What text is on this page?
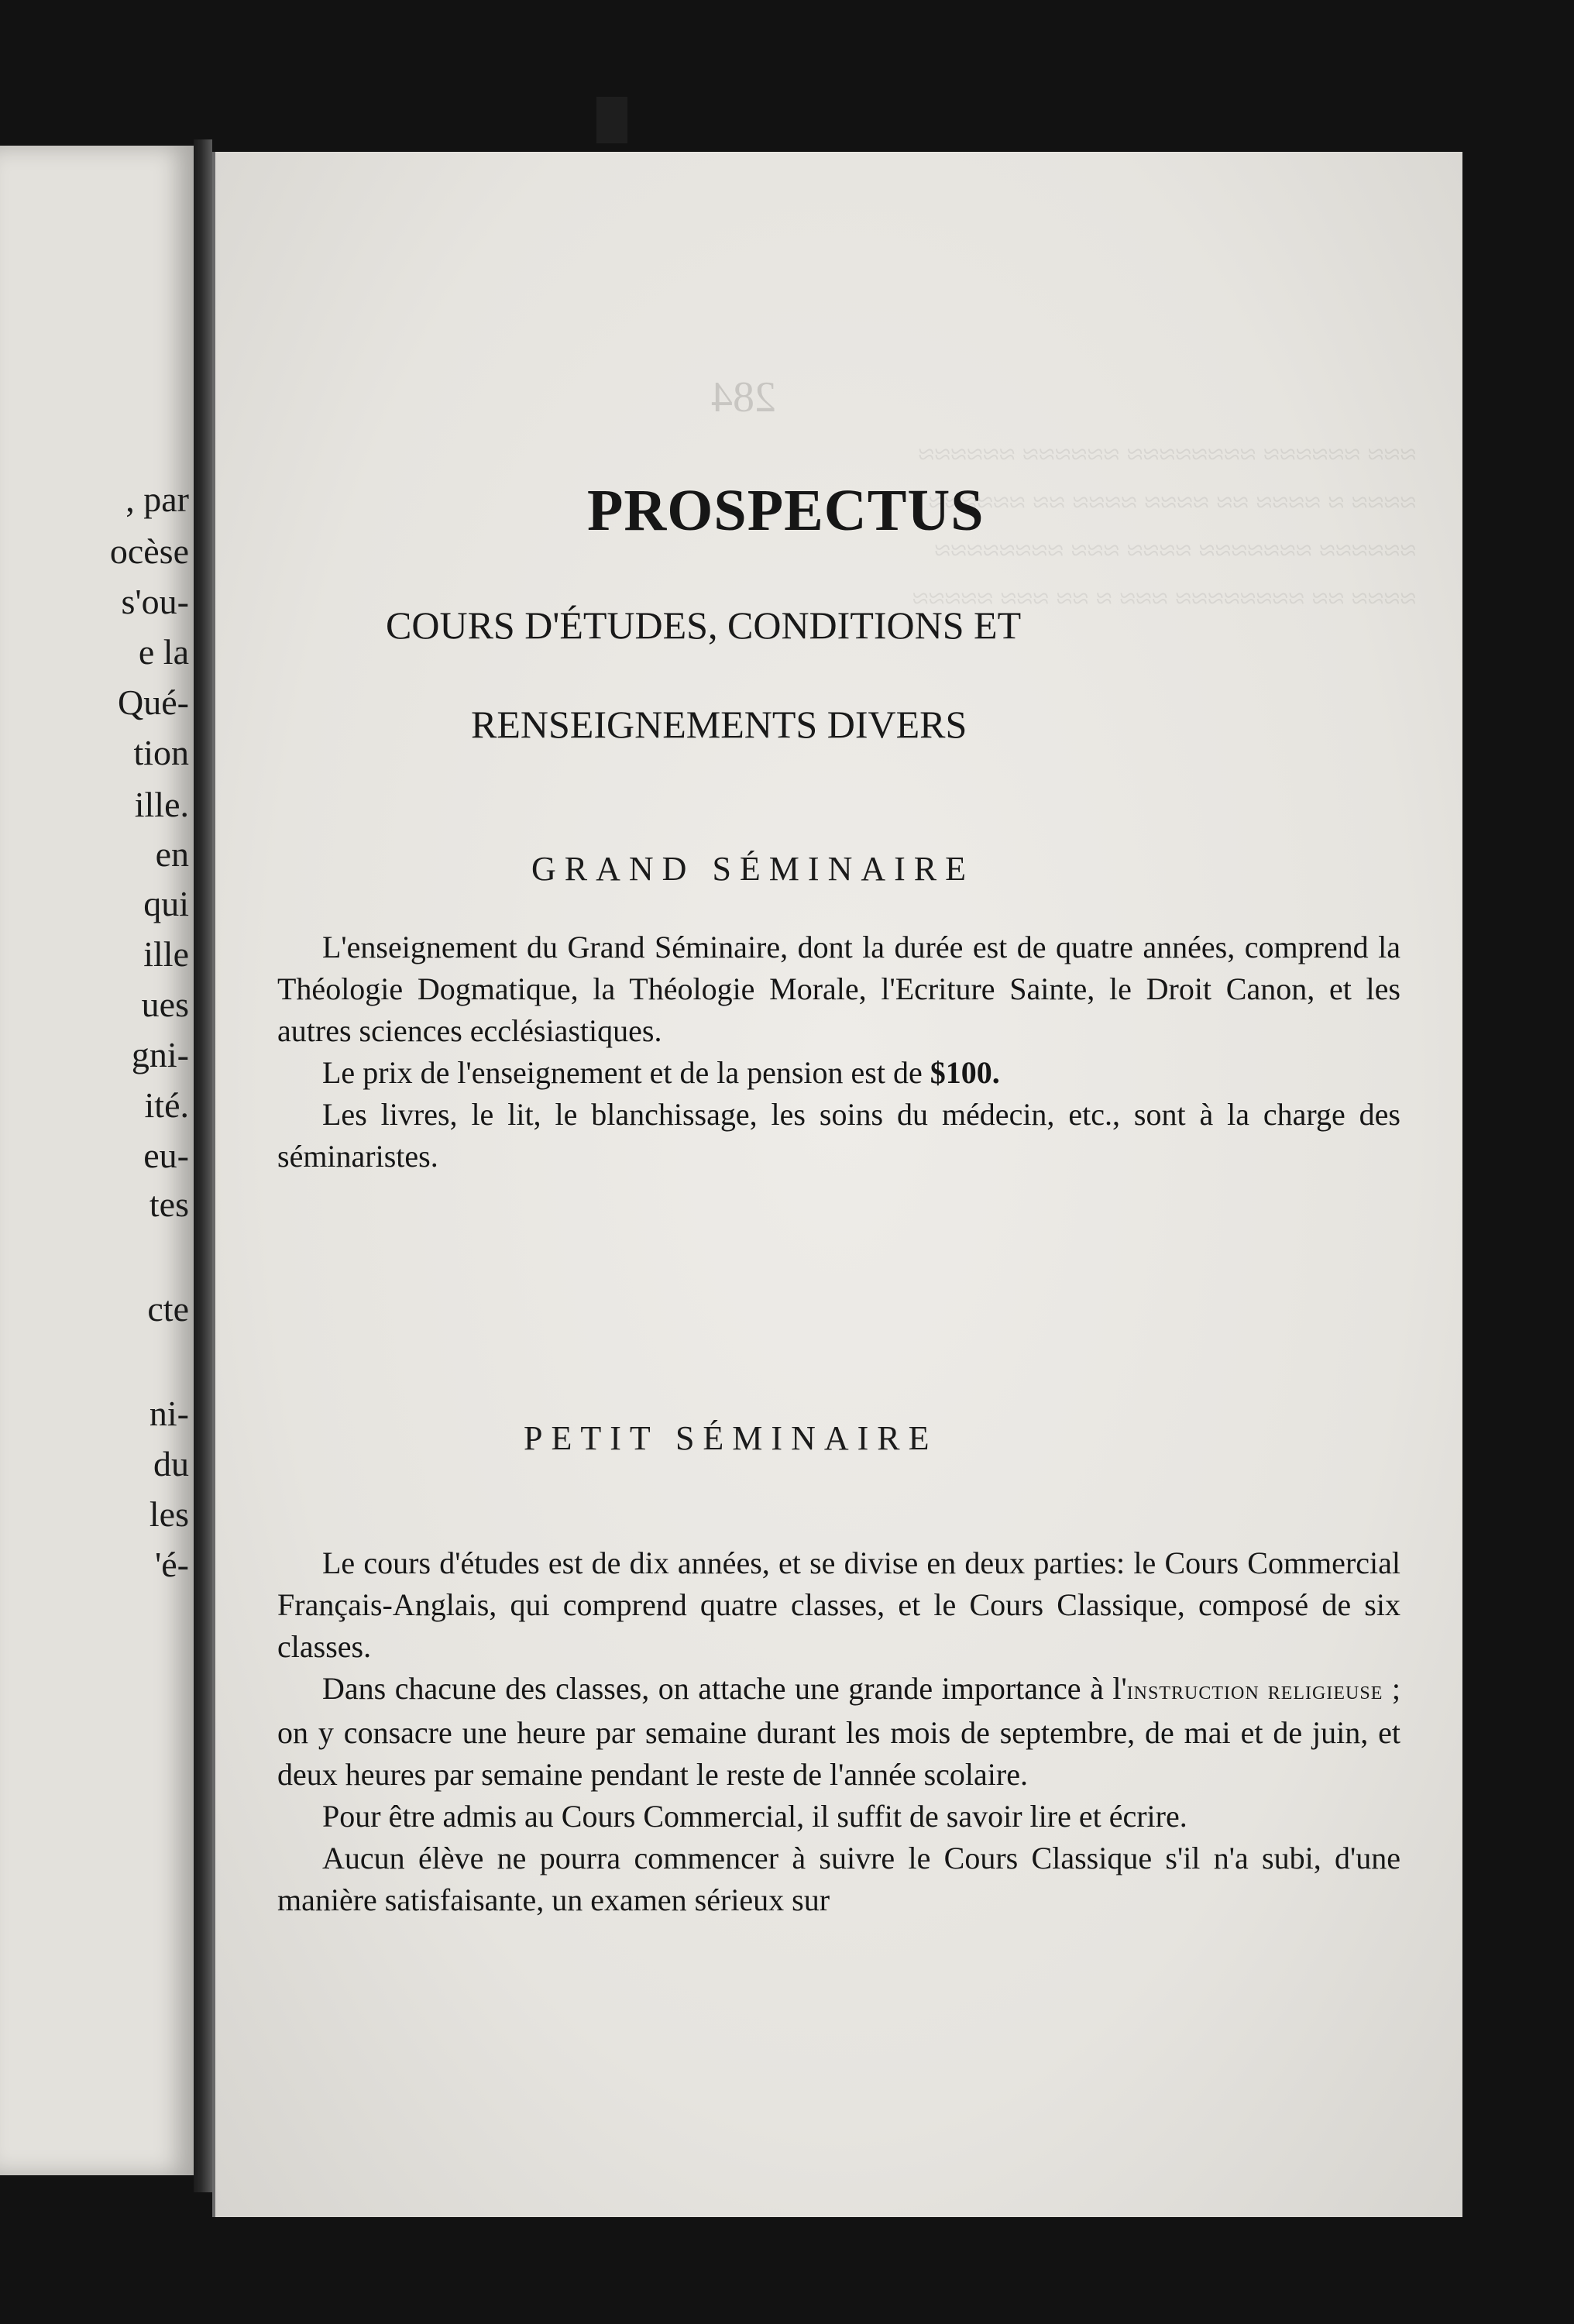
, par
ocèse
s'ou-
e la
Qué-
tion
ille.
en
qui
ille
ues
gni-
ité.
eu-
tes
cte
ni-
du
les
'é-
284
≈≈≈ ≈≈≈≈≈≈ ≈≈≈≈≈≈≈≈ ≈≈≈≈≈≈ ≈≈≈≈≈≈
≈≈≈≈ ≈ ≈≈≈≈ ≈≈ ≈≈≈≈ ≈≈≈≈ ≈≈ ≈≈≈≈≈≈
≈≈≈≈≈≈ ≈≈≈≈≈≈≈ ≈≈≈≈ ≈≈≈ ≈≈≈≈≈≈≈≈
≈≈≈≈ ≈≈ ≈≈≈≈≈≈≈≈ ≈≈≈ ≈ ≈≈ ≈≈≈ ≈≈≈≈≈
PROSPECTUS
COURS D'ÉTUDES, CONDITIONS ET
RENSEIGNEMENTS DIVERS
GRAND SÉMINAIRE

L'enseignement du Grand Séminaire, dont la durée est de quatre années, comprend la Théologie Dogmatique, la Théologie Morale, l'Ecriture Sainte, le Droit Canon, et les autres sciences ecclésiastiques.

Le prix de l'enseignement et de la pension est de $100.

Les livres, le lit, le blanchissage, les soins du médecin, etc., sont à la charge des séminaristes.

PETIT SÉMINAIRE

Le cours d'études est de dix années, et se divise en deux parties: le Cours Commercial Français-Anglais, qui comprend quatre classes, et le Cours Classique, composé de six classes.

Dans chacune des classes, on attache une grande importance à l'instruction religieuse ; on y consacre une heure par semaine durant les mois de septembre, de mai et de juin, et deux heures par semaine pendant le reste de l'année scolaire.

Pour être admis au Cours Commercial, il suffit de savoir lire et écrire.

Aucun élève ne pourra commencer à suivre le Cours Classique s'il n'a subi, d'une manière satisfaisante, un examen sérieux sur
